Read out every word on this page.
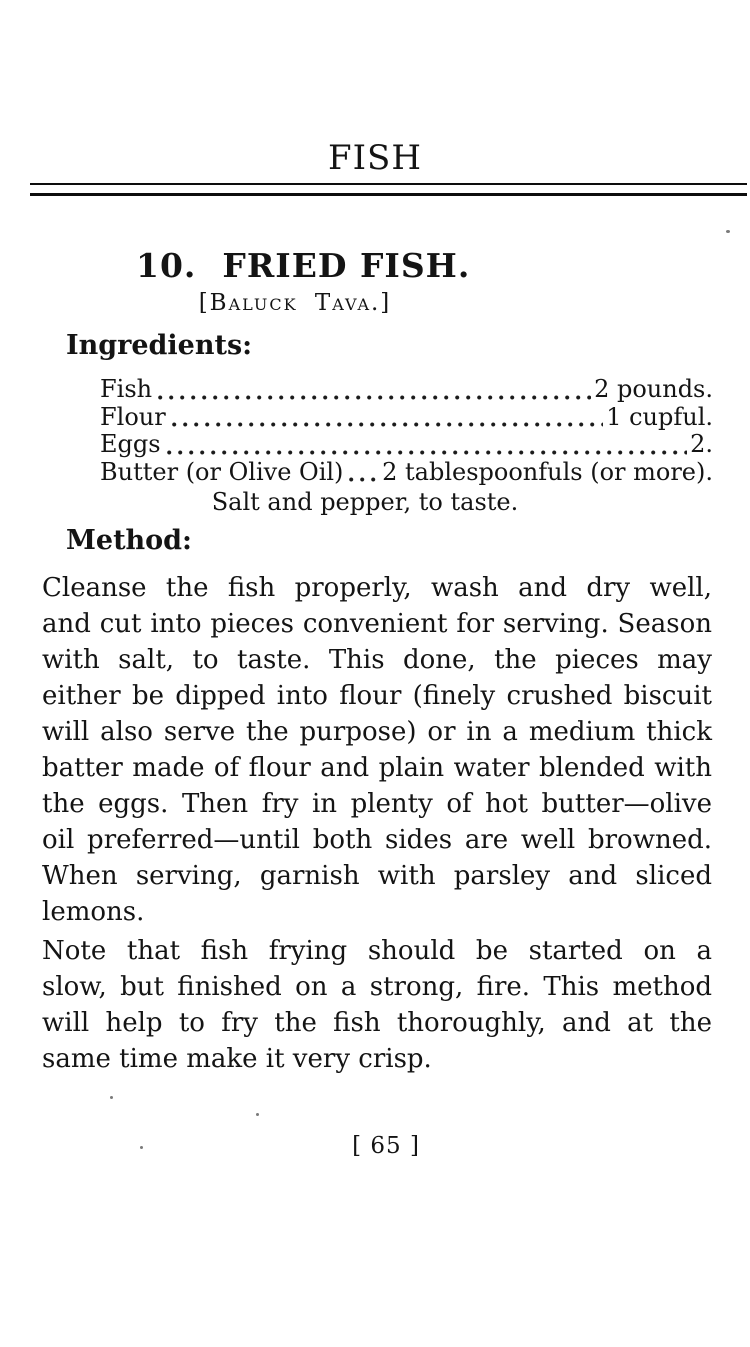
FISH
10. FRIED FISH.
[Baluck Tava.]
Ingredients:
Fish	2 pounds.
Flour	1 cupful.
Eggs	2.
Butter (or Olive Oil) 2 tablespoonfuls (or more).
Salt and pepper, to taste.
Method:
Cleanse the fish properly, wash and dry well,
and cut into pieces convenient for serving. Season
with salt, to taste. This done, the pieces may
either be dipped into flour (finely crushed biscuit
will also serve the purpose) or in a medium thick
batter made of flour and plain water blended with
the eggs. Then fry in plenty of hot butter—olive
oil preferred—until both sides are well browned.
When serving, garnish with parsley and sliced
lemons.
Note that fish frying should be started on a
slow, but finished on a strong, fire. This method
will help to fry the fish thoroughly, and at the
same time make it very crisp.
[ 65 ]
